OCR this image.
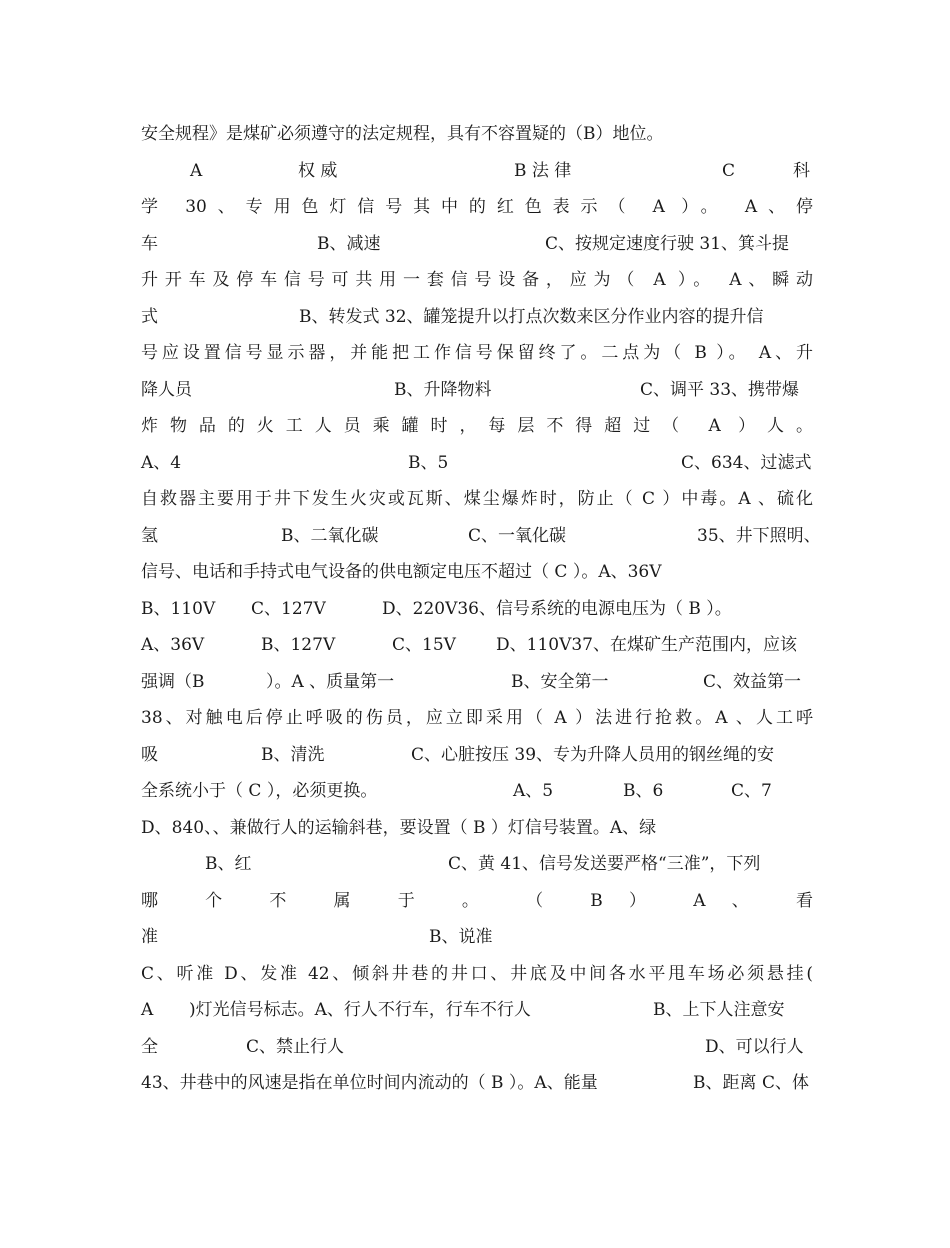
安全规程》是煤矿必须遵守的法定规程，具有不容置疑的（B）地位。

A

	权 威

	B 法 律

	C

	科

学 30、专用色灯信号其中的红色表示（ A ）。 A、停

车

	B、减速

	C、按规定速度行驶 31、箕斗提

升开车及停车信号可共用一套信号设备，应为（ A ）。 A、瞬动

式

	B、转发式 32、罐笼提升以打点次数来区分作业内容的提升信

号应设置信号显示器，并能把工作信号保留终了。二点为（ B ）。 A、升

降人员

	B、升降物料

	C、调平 33、携带爆

炸物品的火工人员乘罐时，每层不得超过（ A ）人。

A、4

	B、5

	C、634、过滤式

自救器主要用于井下发生火灾或瓦斯、煤尘爆炸时，防止（ C ）中毒。A 、硫化

氢

	B、二氧化碳

	C、一氧化碳

	35、井下照明、

信号、电话和手持式电气设备的供电额定电压不超过（ C ）。A、36V

B、110V

C、127V

	D、220V36、信号系统的电源电压为（ B ）。

A、36V

	B、127V

	C、15V

D、110V37、在煤矿生产范围内，应该

强调（B

	）。A 、质量第一

	B、安全第一

	C、效益第一

38、对触电后停止呼吸的伤员，应立即采用（ A ）法进行抢救。A 、人工呼

吸

	B、清洗

	C、心脏按压 39、专为升降人员用的钢丝绳的安

全系统小于（ C ），必须更换。

	A、5

	B、6

	C、7

D、840、、兼做行人的运输斜巷，要设置（ B ）灯信号装置。A、绿

B、红

	C、黄 41、信号发送要严格“三准”，下列

哪 个 不 属 于 。 （ B ） A 、 看

准

	B、说准

C、听准 D、发准 42、倾斜井巷的井口、井底及中间各水平甩车场必须悬挂(

A

)灯光信号标志。A、行人不行车，行车不行人

	B、上下人注意安

全

	C、禁止行人

	D、可以行人

43、井巷中的风速是指在单位时间内流动的（ B ）。A、能量

	B、距离

C、体
